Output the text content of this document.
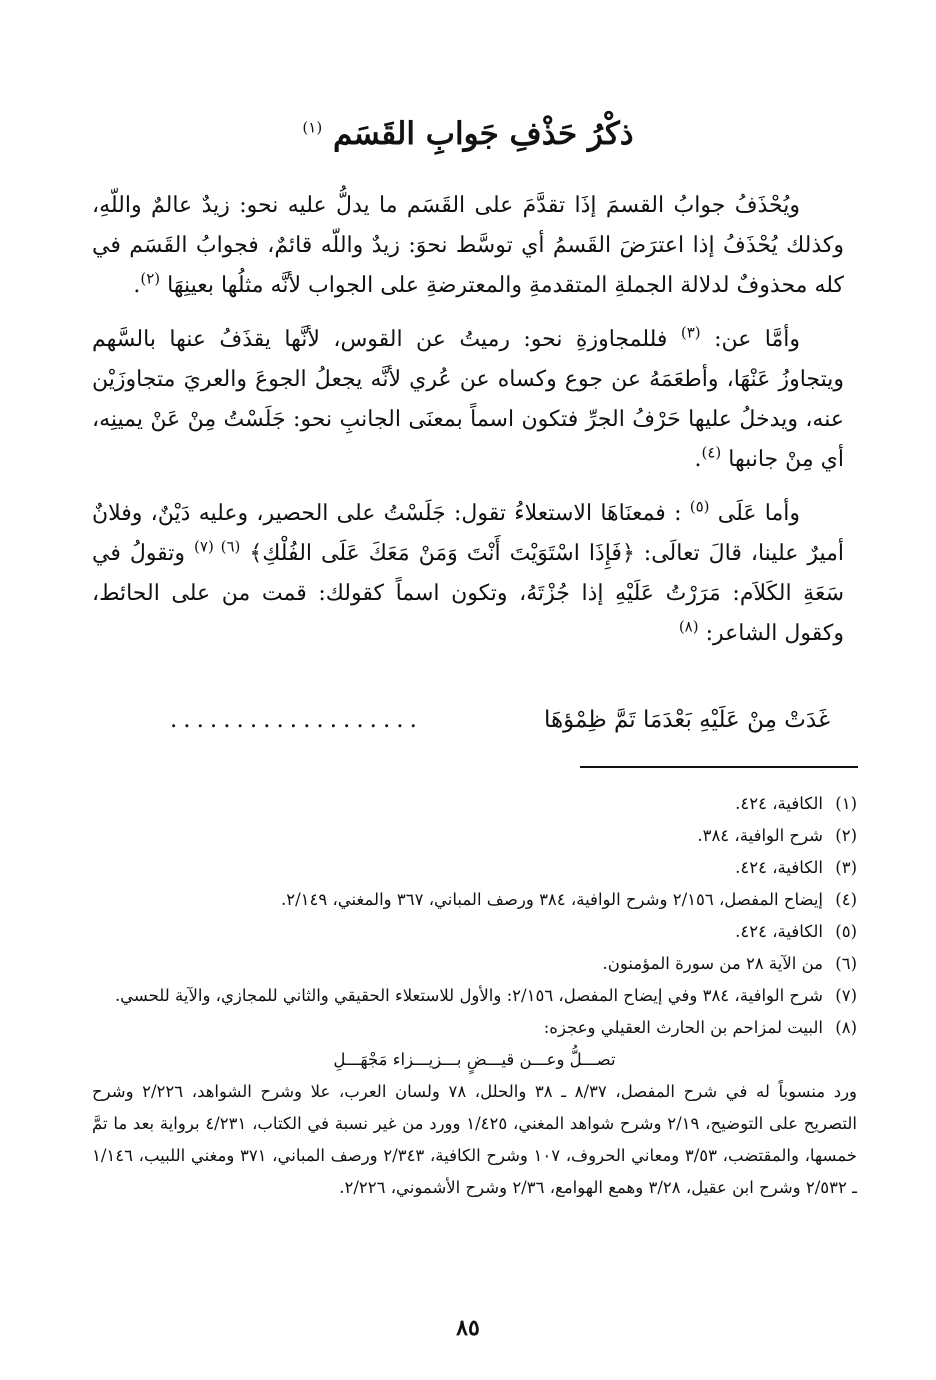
ذكْرُ حَذْفِ جَوابِ القَسَم $^{(١)}$

ويُحْذَفُ جوابُ القسمَ إذَا تقدَّمَ على القَسَم ما يدلُّ عليه نحو: زيدٌ عالمٌ واللّهِ، وكذلك يُحْذَفُ إذا اعترَضَ القَسمُ أي توسَّط نحوَ: زيدٌ واللّه قائمٌ، فجوابُ القَسَم في كله محذوفٌ لدلالة الجملةِ المتقدمةِ والمعترضةِ على الجواب لأنَّه مثلُها بعينِهَا $^{(٢)}$.

وأمَّا عن: $^{(٣)}$ فللمجاوزةِ نحو: رميتُ عن القوس، لأنَّها يقذَفُ عنها بالسَّهم ويتجاوزُ عَنْهَا، وأطعَمَهُ عن جوع وكساه عن عُري لأنَّه يجعلُ الجوعَ والعريَ متجاوزَيْن عنه، ويدخلُ عليها حَرْفُ الجرِّ فتكون اسماً بمعنَى الجانبِ نحو: جَلَسْتُ مِنْ عَنْ يمينِه، أي مِنْ جانبها $^{(٤)}$.

وأما عَلَى $^{(٥)}$ : فمعنَاهَا الاستعلاءُ تقول: جَلَسْتُ على الحصير، وعليه دَيْنٌ، وفلانٌ أميرٌ علينا، قالَ تعالَى: ﴿فَإِذَا اسْتَوَيْتَ أَنْتَ وَمَنْ مَعَكَ عَلَى الفُلْكِ﴾ $^{(٦) (٧)}$ وتقولُ في سَعَةِ الكَلاَم: مَرَرْتُ عَلَيْهِ إذا جُزْتَهُ، وتكون اسماً كقولك: قمت من على الحائط، وكقول الشاعر: $^{(٨)}$

غَدَتْ مِنْ عَلَيْهِ بَعْدَمَا تَمَّ ظِمْؤهَا
...................

(١)
الكافية، ٤٢٤.

(٢)
شرح الوافية، ٣٨٤.

(٣)
الكافية، ٤٢٤.

(٤)
إيضاح المفصل، ٢/١٥٦ وشرح الوافية، ٣٨٤ ورصف المباني، ٣٦٧ والمغني، ٢/١٤٩.

(٥)
الكافية، ٤٢٤.

(٦)
من الآية ٢٨ من سورة المؤمنون.

(٧)
شرح الوافية، ٣٨٤ وفي إيضاح المفصل، ٢/١٥٦: والأول للاستعلاء الحقيقي والثاني للمجازي، والآية للحسي.

(٨)
البيت لمزاحم بن الحارث العقيلي وعجزه:

تصـــلُّ وعـــن قيـــضٍ بـــزيـــزاء مَجْهَـــلِ

ورد منسوباً له في شرح المفصل، ٨/٣٧ ـ ٣٨ والحلل، ٧٨ ولسان العرب، علا وشرح الشواهد، ٢/٢٢٦ وشرح التصريح على التوضيح، ٢/١٩ وشرح شواهد المغني، ١/٤٢٥ وورد من غير نسبة في الكتاب، ٤/٢٣١ برواية بعد ما تمَّ خمسها، والمقتضب، ٣/٥٣ ومعاني الحروف، ١٠٧ وشرح الكافية، ٢/٣٤٣ ورصف المباني، ٣٧١ ومغني اللبيب، ١/١٤٦ ـ ٢/٥٣٢ وشرح ابن عقيل، ٣/٢٨ وهمع الهوامع، ٢/٣٦ وشرح الأشموني، ٢/٢٢٦.

٨٥
